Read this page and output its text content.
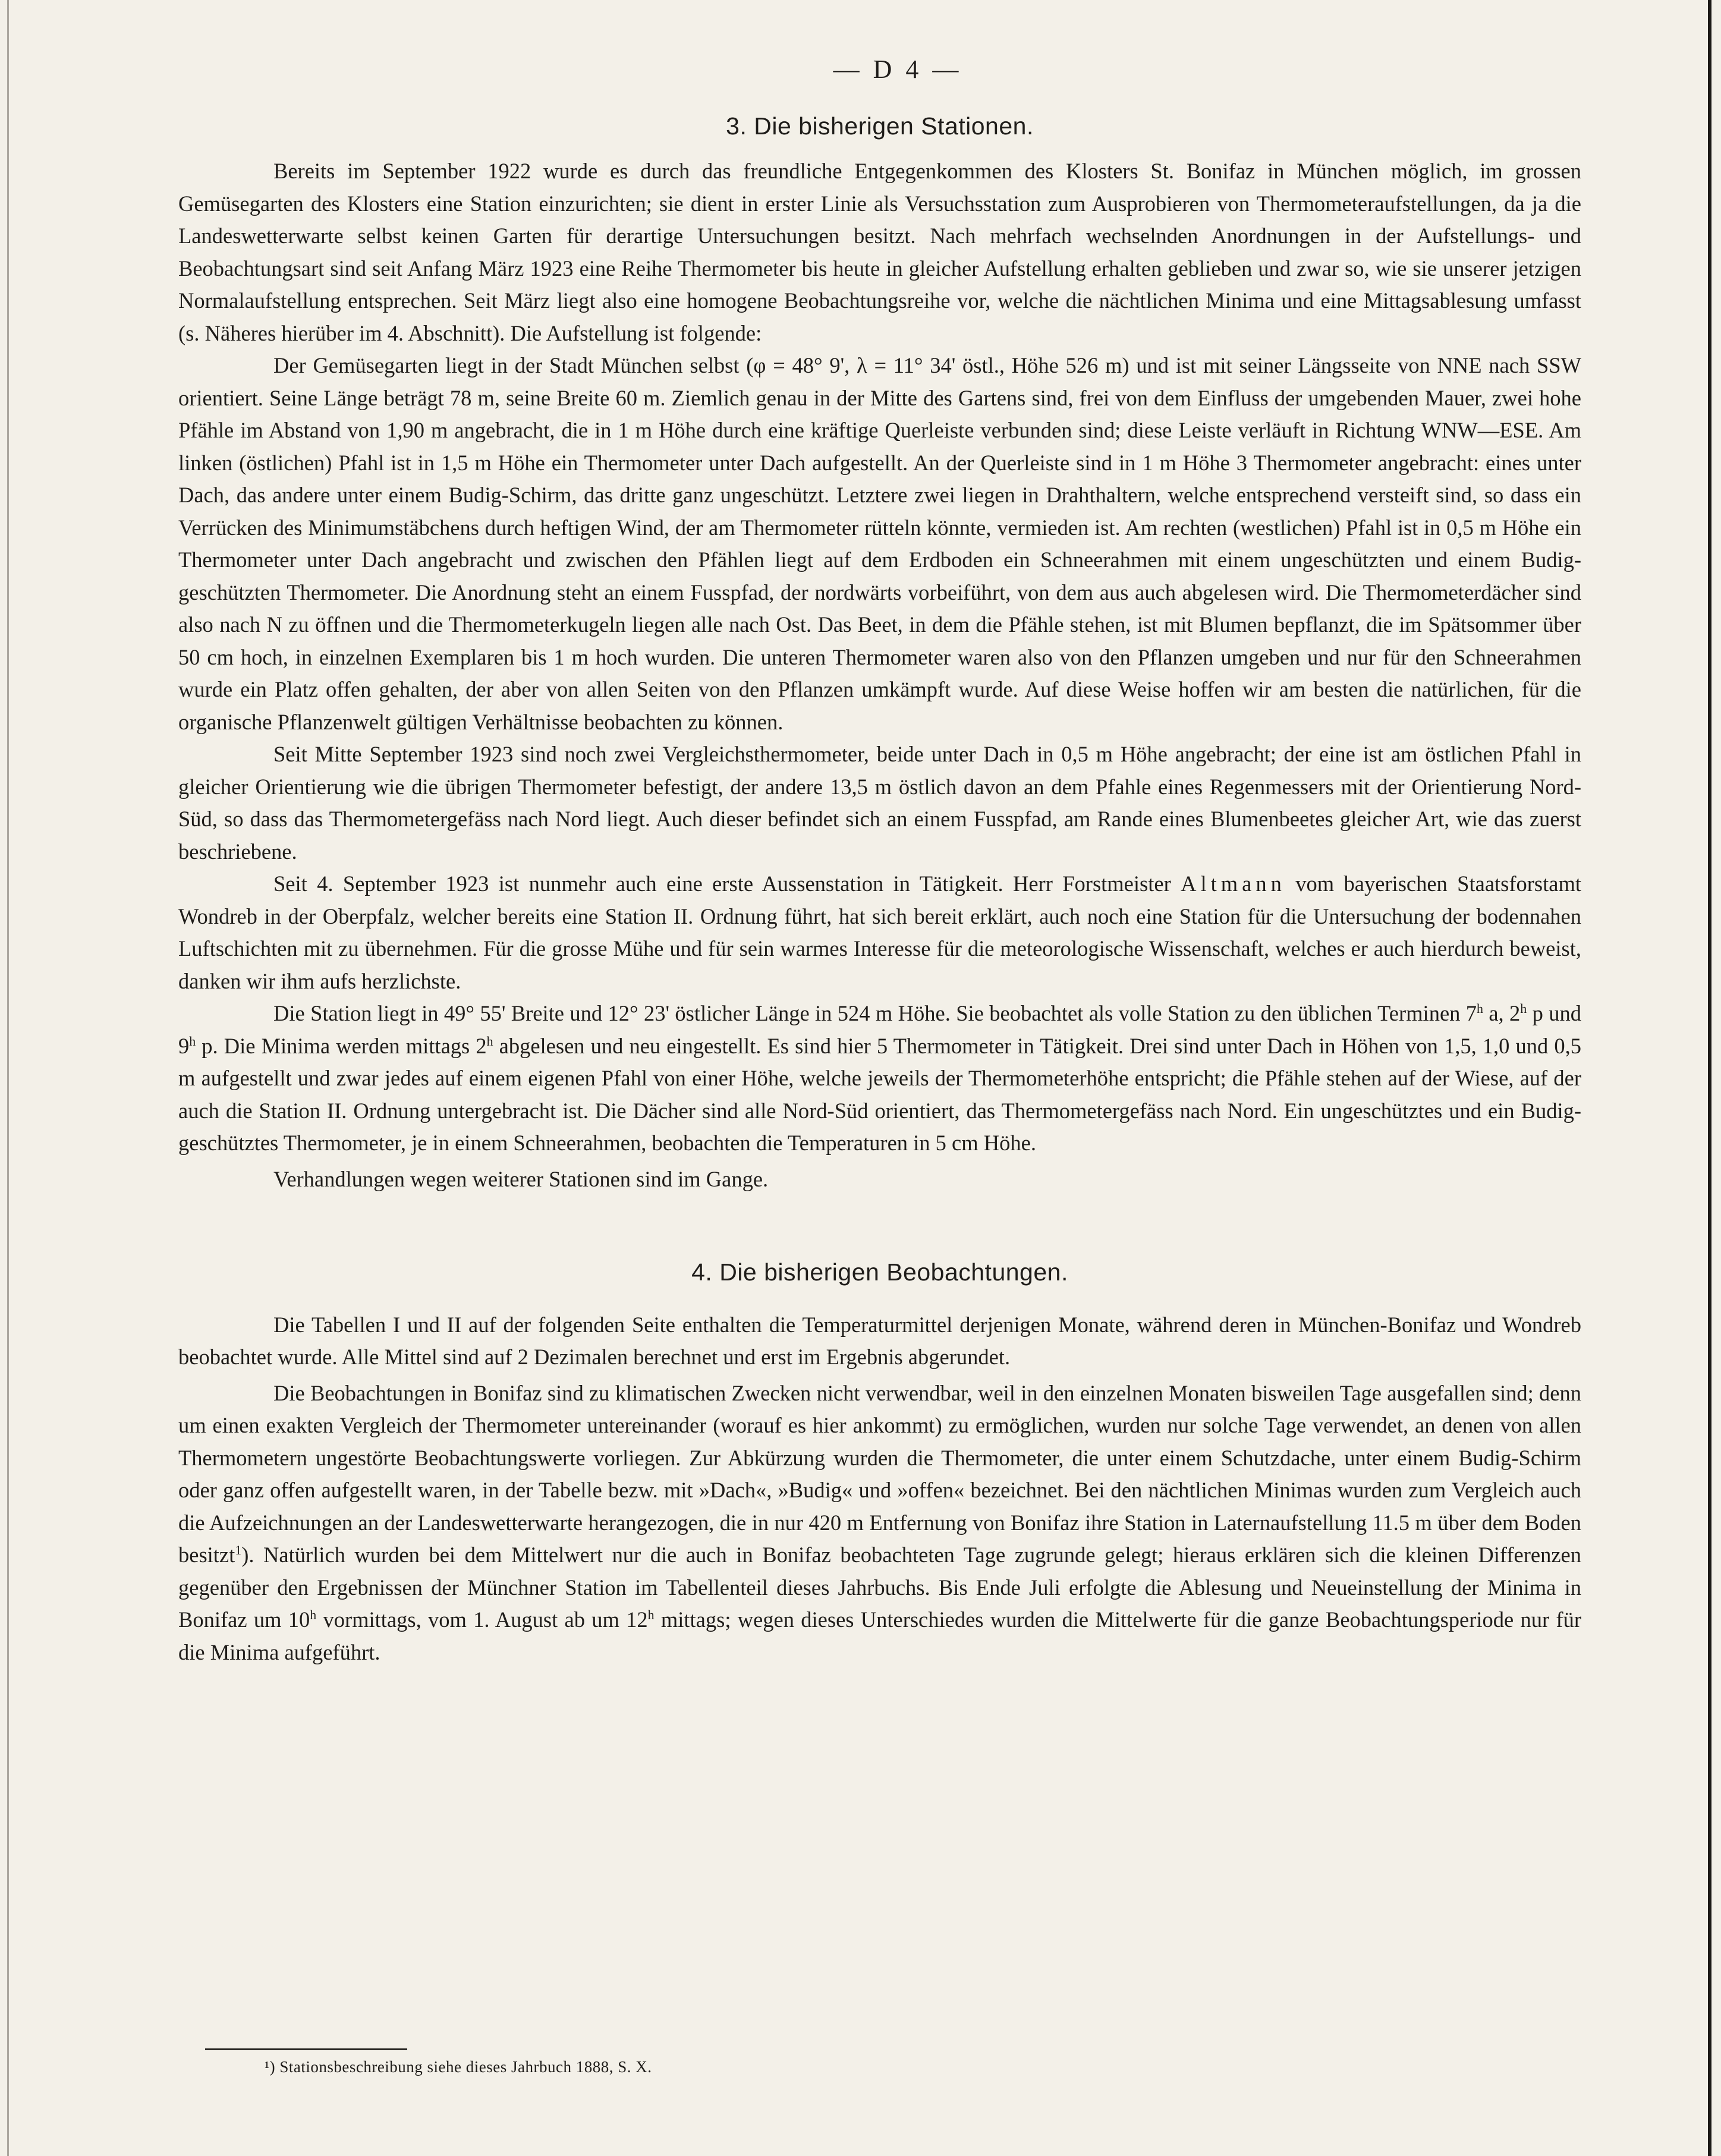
— D 4 —
3. Die bisherigen Stationen.

Bereits im September 1922 wurde es durch das freundliche Entgegenkommen des Klosters St. Bonifaz in München möglich, im grossen Gemüsegarten des Klosters eine Station einzurichten; sie dient in erster Linie als Versuchsstation zum Ausprobieren von Thermometeraufstellungen, da ja die Landeswetterwarte selbst keinen Garten für derartige Untersuchungen besitzt. Nach mehrfach wechselnden Anordnungen in der Aufstellungs- und Beobachtungsart sind seit Anfang März 1923 eine Reihe Thermometer bis heute in gleicher Aufstellung erhalten geblieben und zwar so, wie sie unserer jetzigen Normalaufstellung entsprechen. Seit März liegt also eine homogene Beobachtungsreihe vor, welche die nächtlichen Minima und eine Mittagsablesung umfasst (s. Näheres hierüber im 4. Abschnitt). Die Aufstellung ist folgende:

Der Gemüsegarten liegt in der Stadt München selbst (φ = 48° 9', λ = 11° 34' östl., Höhe 526 m) und ist mit seiner Längsseite von NNE nach SSW orientiert. Seine Länge beträgt 78 m, seine Breite 60 m. Ziemlich genau in der Mitte des Gartens sind, frei von dem Einfluss der umgebenden Mauer, zwei hohe Pfähle im Abstand von 1,90 m angebracht, die in 1 m Höhe durch eine kräftige Querleiste verbunden sind; diese Leiste verläuft in Richtung WNW—ESE. Am linken (östlichen) Pfahl ist in 1,5 m Höhe ein Thermometer unter Dach aufgestellt. An der Querleiste sind in 1 m Höhe 3 Thermometer angebracht: eines unter Dach, das andere unter einem Budig-Schirm, das dritte ganz ungeschützt. Letztere zwei liegen in Drahthaltern, welche entsprechend versteift sind, so dass ein Verrücken des Minimumstäbchens durch heftigen Wind, der am Thermometer rütteln könnte, vermieden ist. Am rechten (westlichen) Pfahl ist in 0,5 m Höhe ein Thermometer unter Dach angebracht und zwischen den Pfählen liegt auf dem Erdboden ein Schneerahmen mit einem ungeschützten und einem Budig-geschützten Thermometer. Die Anordnung steht an einem Fusspfad, der nordwärts vorbeiführt, von dem aus auch abgelesen wird. Die Thermometerdächer sind also nach N zu öffnen und die Thermometerkugeln liegen alle nach Ost. Das Beet, in dem die Pfähle stehen, ist mit Blumen bepflanzt, die im Spätsommer über 50 cm hoch, in einzelnen Exemplaren bis 1 m hoch wurden. Die unteren Thermometer waren also von den Pflanzen umgeben und nur für den Schneerahmen wurde ein Platz offen gehalten, der aber von allen Seiten von den Pflanzen umkämpft wurde. Auf diese Weise hoffen wir am besten die natürlichen, für die organische Pflanzenwelt gültigen Verhältnisse beobachten zu können.

Seit Mitte September 1923 sind noch zwei Vergleichsthermometer, beide unter Dach in 0,5 m Höhe angebracht; der eine ist am östlichen Pfahl in gleicher Orientierung wie die übrigen Thermometer befestigt, der andere 13,5 m östlich davon an dem Pfahle eines Regenmessers mit der Orientierung Nord-Süd, so dass das Thermometergefäss nach Nord liegt. Auch dieser befindet sich an einem Fusspfad, am Rande eines Blumenbeetes gleicher Art, wie das zuerst beschriebene.

Seit 4. September 1923 ist nunmehr auch eine erste Aussenstation in Tätigkeit. Herr Forstmeister Altmann vom bayerischen Staatsforstamt Wondreb in der Oberpfalz, welcher bereits eine Station II. Ordnung führt, hat sich bereit erklärt, auch noch eine Station für die Untersuchung der bodennahen Luftschichten mit zu übernehmen. Für die grosse Mühe und für sein warmes Interesse für die meteorologische Wissenschaft, welches er auch hierdurch beweist, danken wir ihm aufs herzlichste.

Die Station liegt in 49° 55' Breite und 12° 23' östlicher Länge in 524 m Höhe. Sie beobachtet als volle Station zu den üblichen Terminen 7$^h$ a, 2$^h$ p und 9$^h$ p. Die Minima werden mittags 2$^h$ abgelesen und neu eingestellt. Es sind hier 5 Thermometer in Tätigkeit. Drei sind unter Dach in Höhen von 1,5, 1,0 und 0,5 m aufgestellt und zwar jedes auf einem eigenen Pfahl von einer Höhe, welche jeweils der Thermometerhöhe entspricht; die Pfähle stehen auf der Wiese, auf der auch die Station II. Ordnung untergebracht ist. Die Dächer sind alle Nord-Süd orientiert, das Thermometergefäss nach Nord. Ein ungeschütztes und ein Budig-geschütztes Thermometer, je in einem Schneerahmen, beobachten die Temperaturen in 5 cm Höhe.

Verhandlungen wegen weiterer Stationen sind im Gange.

4. Die bisherigen Beobachtungen.

Die Tabellen I und II auf der folgenden Seite enthalten die Temperaturmittel derjenigen Monate, während deren in München-Bonifaz und Wondreb beobachtet wurde. Alle Mittel sind auf 2 Dezimalen berechnet und erst im Ergebnis abgerundet.

Die Beobachtungen in Bonifaz sind zu klimatischen Zwecken nicht verwendbar, weil in den einzelnen Monaten bisweilen Tage ausgefallen sind; denn um einen exakten Vergleich der Thermometer untereinander (worauf es hier ankommt) zu ermöglichen, wurden nur solche Tage verwendet, an denen von allen Thermometern ungestörte Beobachtungswerte vorliegen. Zur Abkürzung wurden die Thermometer, die unter einem Schutzdache, unter einem Budig-Schirm oder ganz offen aufgestellt waren, in der Tabelle bezw. mit »Dach«, »Budig« und »offen« bezeichnet. Bei den nächtlichen Minimas wurden zum Vergleich auch die Aufzeichnungen an der Landeswetterwarte herangezogen, die in nur 420 m Entfernung von Bonifaz ihre Station in Laternaufstellung 11.5 m über dem Boden besitzt$^1$). Natürlich wurden bei dem Mittelwert nur die auch in Bonifaz beobachteten Tage zugrunde gelegt; hieraus erklären sich die kleinen Differenzen gegenüber den Ergebnissen der Münchner Station im Tabellenteil dieses Jahrbuchs. Bis Ende Juli erfolgte die Ablesung und Neueinstellung der Minima in Bonifaz um 10$^h$ vormittags, vom 1. August ab um 12$^h$ mittags; wegen dieses Unterschiedes wurden die Mittelwerte für die ganze Beobachtungsperiode nur für die Minima aufgeführt.

¹) Stationsbeschreibung siehe dieses Jahrbuch 1888, S. X.
